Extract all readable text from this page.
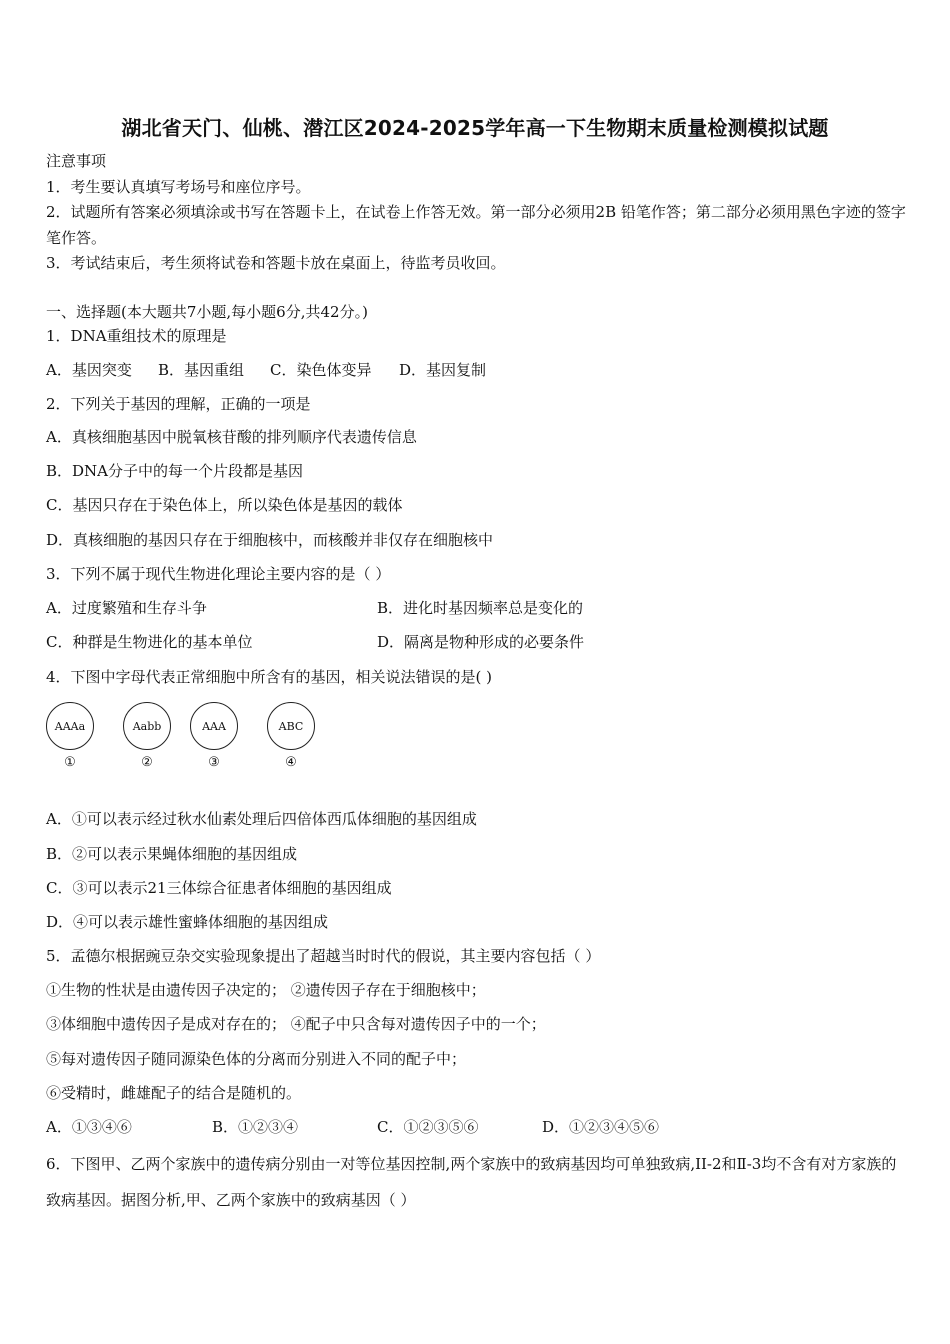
湖北省天门、仙桃、潜江区2024-2025学年高一下生物期末质量检测模拟试题
注意事项
1．考生要认真填写考场号和座位序号。
2．试题所有答案必须填涂或书写在答题卡上，在试卷上作答无效。第一部分必须用2B 铅笔作答；第二部分必须用黑色字迹的签字笔作答。
3．考试结束后，考生须将试卷和答题卡放在桌面上，待监考员收回。
一、选择题(本大题共7小题,每小题6分,共42分。)
1．DNA重组技术的原理是
A．基因突变 B．基因重组 C．染色体变异 D．基因复制
2．下列关于基因的理解，正确的一项是
A．真核细胞基因中脱氧核苷酸的排列顺序代表遗传信息
B．DNA分子中的每一个片段都是基因
C．基因只存在于染色体上，所以染色体是基因的载体
D．真核细胞的基因只存在于细胞核中，而核酸并非仅存在细胞核中
3．下列不属于现代生物进化理论主要内容的是（ ）
A．过度繁殖和生存斗争	B．进化时基因频率总是变化的
C．种群是生物进化的基本单位	D．隔离是物种形成的必要条件
4．下图中字母代表正常细胞中所含有的基因，相关说法错误的是( )
AAAa
①
Aabb
②
AAA
③
ABC
④
A．①可以表示经过秋水仙素处理后四倍体西瓜体细胞的基因组成
B．②可以表示果蝇体细胞的基因组成
C．③可以表示21三体综合征患者体细胞的基因组成
D．④可以表示雄性蜜蜂体细胞的基因组成
5．孟德尔根据豌豆杂交实验现象提出了超越当时时代的假说，其主要内容包括（ ）
①生物的性状是由遗传因子决定的； ②遗传因子存在于细胞核中；
③体细胞中遗传因子是成对存在的； ④配子中只含每对遗传因子中的一个；
⑤每对遗传因子随同源染色体的分离而分别进入不同的配子中；
⑥受精时，雌雄配子的结合是随机的。
A．①③④⑥	B．①②③④	C．①②③⑤⑥	D．①②③④⑤⑥
6．下图甲、乙两个家族中的遗传病分别由一对等位基因控制,两个家族中的致病基因均可单独致病,II-2和Ⅱ-3均不含有对方家族的致病基因。据图分析,甲、乙两个家族中的致病基因（ ）
